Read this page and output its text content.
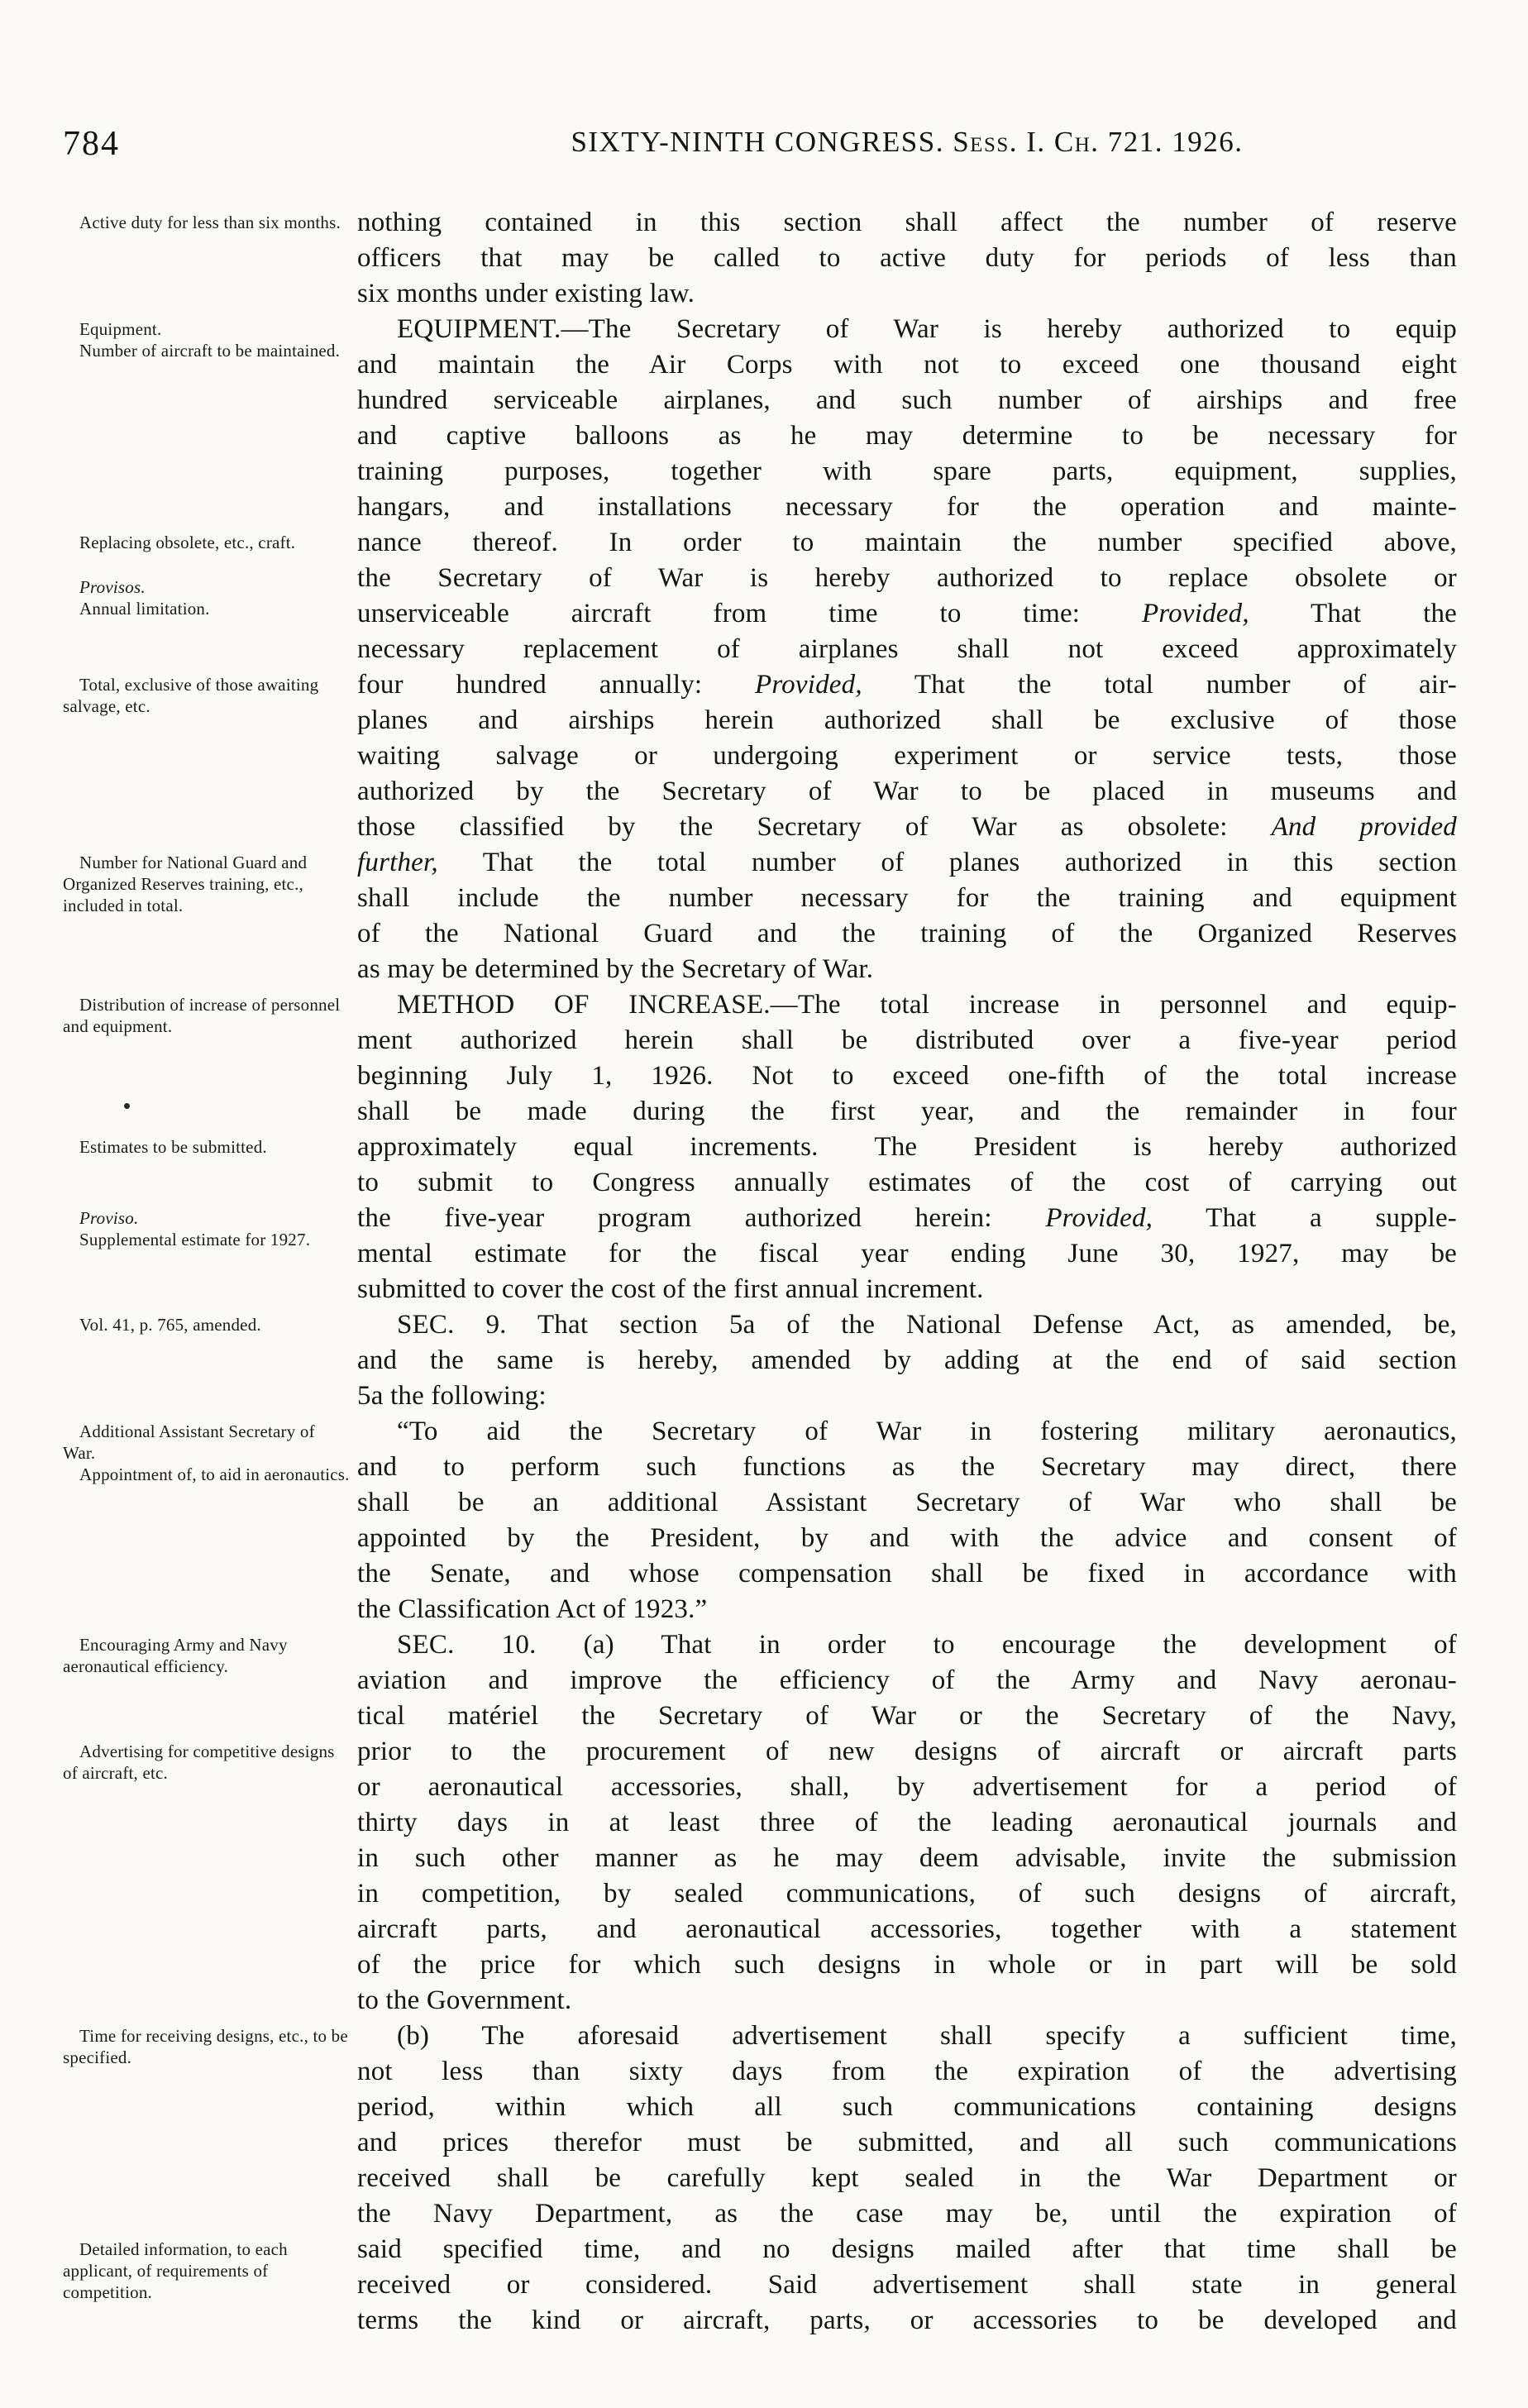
784	SIXTY-NINTH CONGRESS. Sess. I. Ch. 721. 1926.
Active duty for less than six months.
Equipment.
Number of aircraft to be maintained.
Replacing obsolete, etc., craft.
Provisos.
Annual limitation.
Total, exclusive of those awaiting salvage, etc.
Number for National Guard and Organized Reserves training, etc., included in total.
Distribution of increase of personnel and equipment.
Estimates to be submitted.
Proviso.
Supplemental estimate for 1927.
Vol. 41, p. 765, amended.
Additional Assistant Secretary of War.
Appointment of, to aid in aeronautics.
Encouraging Army and Navy aeronautical efficiency.
Advertising for competitive designs of aircraft, etc.
Time for receiving designs, etc., to be specified.
Detailed information, to each applicant, of requirements of competition.
nothing contained in this section shall affect the number of reserve
officers that may be called to active duty for periods of less than
six months under existing law.
EQUIPMENT.—The Secretary of War is hereby authorized to equip
and maintain the Air Corps with not to exceed one thousand eight
hundred serviceable airplanes, and such number of airships and free
and captive balloons as he may determine to be necessary for
training purposes, together with spare parts, equipment, supplies,
hangars, and installations necessary for the operation and mainte-
nance thereof. In order to maintain the number specified above,
the Secretary of War is hereby authorized to replace obsolete or
unserviceable aircraft from time to time: Provided, That the
necessary replacement of airplanes shall not exceed approximately
four hundred annually: Provided, That the total number of air-
planes and airships herein authorized shall be exclusive of those
waiting salvage or undergoing experiment or service tests, those
authorized by the Secretary of War to be placed in museums and
those classified by the Secretary of War as obsolete: And provided
further, That the total number of planes authorized in this section
shall include the number necessary for the training and equipment
of the National Guard and the training of the Organized Reserves
as may be determined by the Secretary of War.
METHOD OF INCREASE.—The total increase in personnel and equip-
ment authorized herein shall be distributed over a five-year period
beginning July 1, 1926. Not to exceed one-fifth of the total increase
shall be made during the first year, and the remainder in four
approximately equal increments. The President is hereby authorized
to submit to Congress annually estimates of the cost of carrying out
the five-year program authorized herein: Provided, That a supple-
mental estimate for the fiscal year ending June 30, 1927, may be
submitted to cover the cost of the first annual increment.
SEC. 9. That section 5a of the National Defense Act, as amended, be,
and the same is hereby, amended by adding at the end of said section
5a the following:
“To aid the Secretary of War in fostering military aeronautics,
and to perform such functions as the Secretary may direct, there
shall be an additional Assistant Secretary of War who shall be
appointed by the President, by and with the advice and consent of
the Senate, and whose compensation shall be fixed in accordance with
the Classification Act of 1923.”
SEC. 10. (a) That in order to encourage the development of
aviation and improve the efficiency of the Army and Navy aeronau-
tical matériel the Secretary of War or the Secretary of the Navy,
prior to the procurement of new designs of aircraft or aircraft parts
or aeronautical accessories, shall, by advertisement for a period of
thirty days in at least three of the leading aeronautical journals and
in such other manner as he may deem advisable, invite the submission
in competition, by sealed communications, of such designs of aircraft,
aircraft parts, and aeronautical accessories, together with a statement
of the price for which such designs in whole or in part will be sold
to the Government.
(b) The aforesaid advertisement shall specify a sufficient time,
not less than sixty days from the expiration of the advertising
period, within which all such communications containing designs
and prices therefor must be submitted, and all such communications
received shall be carefully kept sealed in the War Department or
the Navy Department, as the case may be, until the expiration of
said specified time, and no designs mailed after that time shall be
received or considered. Said advertisement shall state in general
terms the kind or aircraft, parts, or accessories to be developed and
